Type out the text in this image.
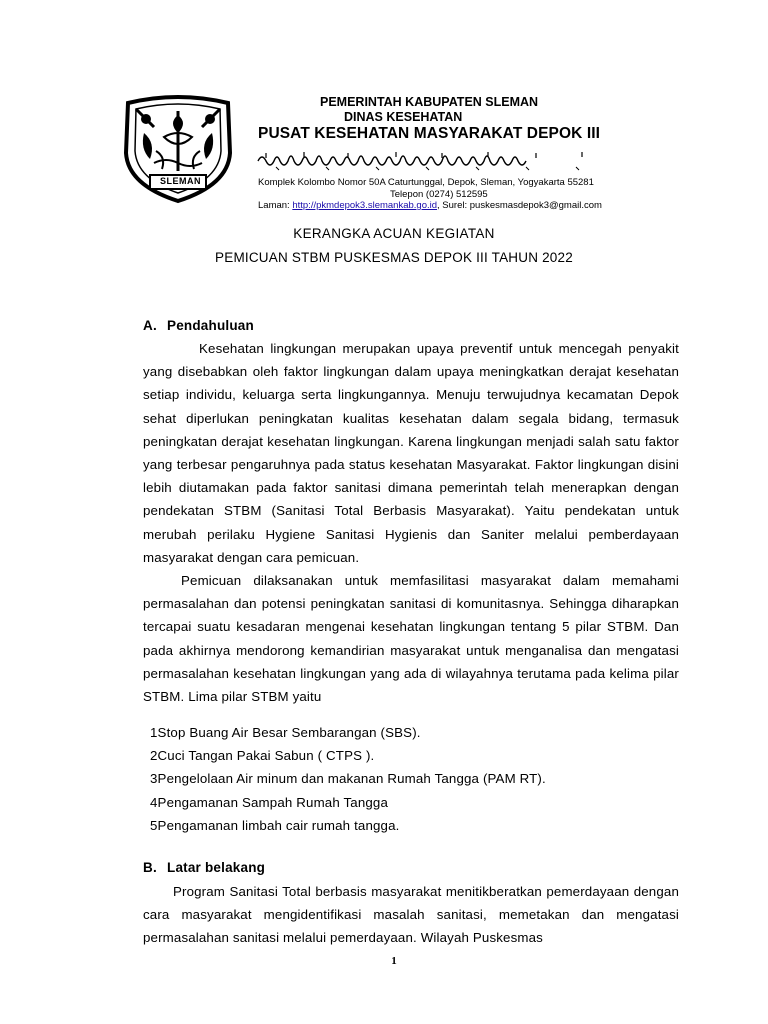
SLEMAN
PEMERINTAH KABUPATEN SLEMAN
DINAS KESEHATAN
PUSAT KESEHATAN MASYARAKAT DEPOK III
Komplek Kolombo Nomor 50A Caturtunggal, Depok, Sleman, Yogyakarta 55281
Telepon (0274) 512595
Laman: http://pkmdepok3.slemankab.go.id, Surel: puskesmasdepok3@gmail.com
KERANGKA ACUAN KEGIATAN
PEMICUAN STBM PUSKESMAS DEPOK III TAHUN 2022
A. Pendahuluan

Kesehatan lingkungan merupakan upaya preventif untuk mencegah penyakit yang disebabkan oleh faktor lingkungan dalam upaya meningkatkan derajat kesehatan setiap individu, keluarga serta lingkungannya. Menuju terwujudnya kecamatan Depok sehat diperlukan peningkatan kualitas kesehatan dalam segala bidang, termasuk peningkatan derajat kesehatan lingkungan. Karena lingkungan menjadi salah satu faktor yang terbesar pengaruhnya pada status kesehatan Masyarakat. Faktor lingkungan disini lebih diutamakan pada faktor sanitasi dimana pemerintah telah menerapkan dengan pendekatan STBM (Sanitasi Total Berbasis Masyarakat). Yaitu pendekatan untuk merubah perilaku Hygiene Sanitasi Hygienis dan Saniter melalui pemberdayaan masyarakat dengan cara pemicuan.

Pemicuan dilaksanakan untuk memfasilitasi masyarakat dalam memahami permasalahan dan potensi peningkatan sanitasi di komunitasnya. Sehingga diharapkan tercapai suatu kesadaran mengenai kesehatan lingkungan tentang 5 pilar STBM. Dan pada akhirnya mendorong kemandirian masyarakat untuk menganalisa dan mengatasi permasalahan kesehatan lingkungan yang ada di wilayahnya terutama pada kelima pilar STBM. Lima pilar STBM yaitu

1Stop Buang Air Besar Sembarangan (SBS).
2Cuci Tangan Pakai Sabun ( CTPS ).
3Pengelolaan Air minum dan makanan Rumah Tangga (PAM RT).
4Pengamanan Sampah Rumah Tangga
5Pengamanan limbah cair rumah tangga.
B. Latar belakang

Program Sanitasi Total berbasis masyarakat menitikberatkan pemerdayaan dengan cara masyarakat mengidentifikasi masalah sanitasi, memetakan dan mengatasi permasalahan sanitasi melalui pemerdayaan. Wilayah Puskesmas

1
